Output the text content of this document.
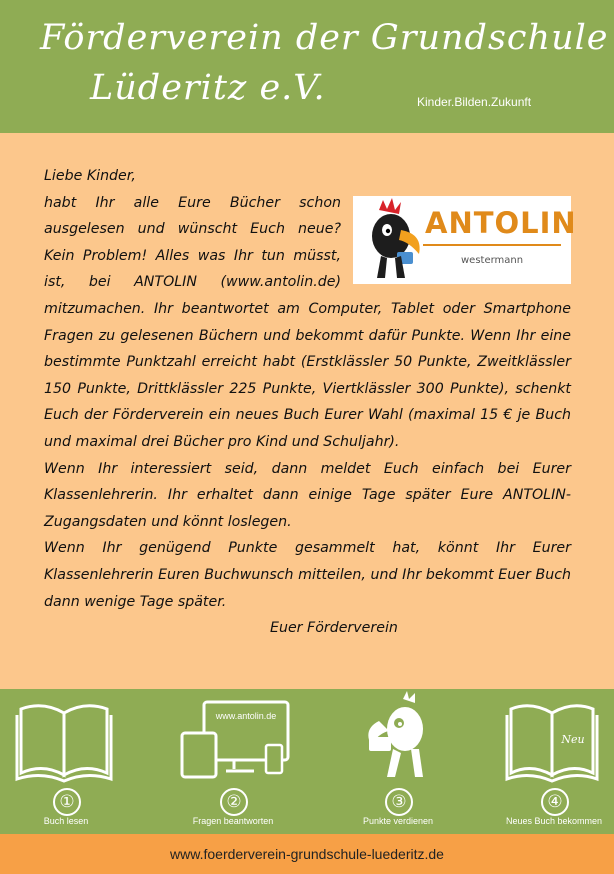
Förderverein der Grundschule
Lüderitz e.V.	Kinder.Bilden.Zukunft

Liebe Kinder,

ANTOLIN
westermann

habt Ihr alle Eure Bücher schon ausgelesen und wünscht Euch neue? Kein Problem! Alles was Ihr tun müsst, ist, bei ANTOLIN (www.antolin.de) mitzumachen. Ihr beantwortet am Computer, Tablet oder Smartphone Fragen zu gelesenen Büchern und bekommt dafür Punkte. Wenn Ihr eine bestimmte Punktzahl erreicht habt (Erstklässler 50 Punkte, Zweitklässler 150 Punkte, Drittklässler 225 Punkte, Viertklässler 300 Punkte), schenkt Euch der Förderverein ein neues Buch Eurer Wahl (maximal 15 € je Buch und maximal drei Bücher pro Kind und Schuljahr).

Wenn Ihr interessiert seid, dann meldet Euch einfach bei Eurer Klassenlehrerin. Ihr erhaltet dann einige Tage später Eure ANTOLIN-Zugangsdaten und könnt loslegen.

Wenn Ihr genügend Punkte gesammelt hat, könnt Ihr Eurer Klassenlehrerin Euren Buchwunsch mitteilen, und Ihr bekommt Euer Buch dann wenige Tage später.

Euer Förderverein

①
Buch lesen
www.antolin.de
②
Fragen beantworten
③
Punkte verdienen
Neu
④
Neues Buch bekommen
www.foerderverein-grundschule-luederitz.de
